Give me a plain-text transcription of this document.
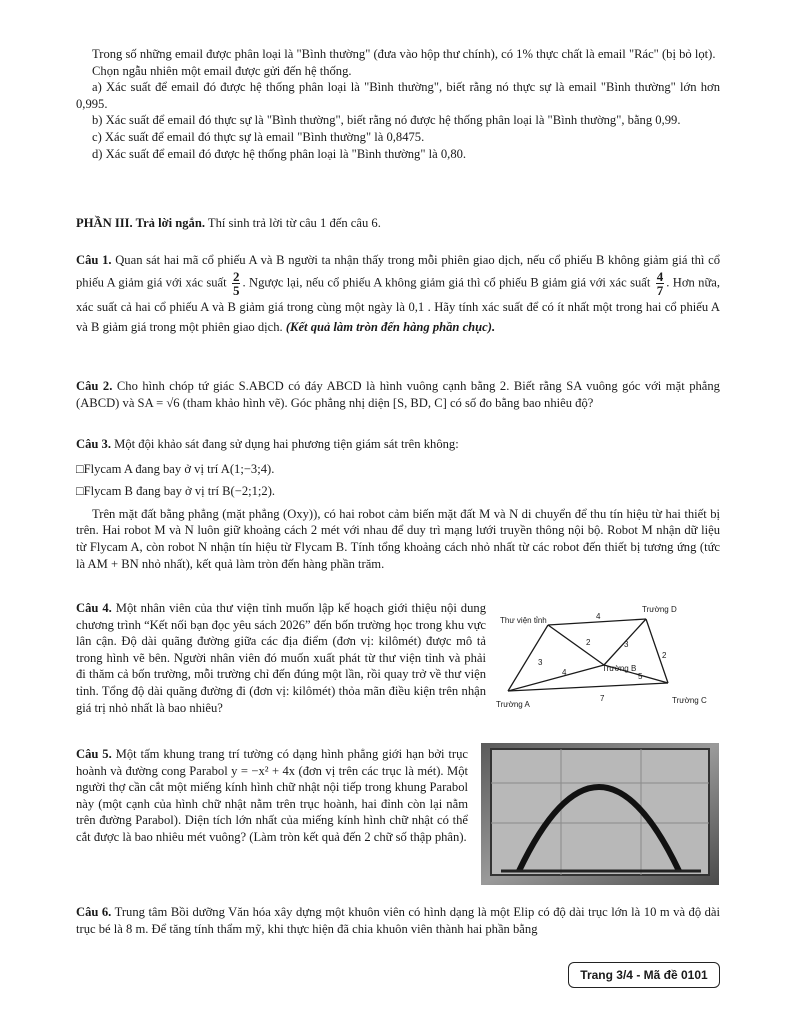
Trong số những email được phân loại là "Bình thường" (đưa vào hộp thư chính), có 1% thực chất là email "Rác" (bị bỏ lọt).

Chọn ngẫu nhiên một email được gửi đến hệ thống.

a) Xác suất để email đó được hệ thống phân loại là "Bình thường", biết rằng nó thực sự là email "Bình thường" lớn hơn 0,995.

b) Xác suất để email đó thực sự là "Bình thường", biết rằng nó được hệ thống phân loại là "Bình thường", bằng 0,99.

c) Xác suất để email đó thực sự là email "Bình thường" là 0,8475.

d) Xác suất để email đó được hệ thống phân loại là "Bình thường" là 0,80.

PHẦN III. Trả lời ngắn. Thí sinh trả lời từ câu 1 đến câu 6.

Câu 1. Quan sát hai mã cổ phiếu A và B người ta nhận thấy trong mỗi phiên giao dịch, nếu cổ phiếu B không giảm giá thì cổ phiếu A giảm giá với xác suất $\frac{2}{5}$ . Ngược lại, nếu cổ phiếu A không giảm giá thì cổ phiếu B giảm giá với xác suất $\frac{4}{7}$ . Hơn nữa, xác suất cả hai cổ phiếu A và B giảm giá trong cùng một ngày là 0,1 . Hãy tính xác suất để có ít nhất một trong hai cổ phiếu A và B giảm giá trong một phiên giao dịch. (Kết quả làm tròn đến hàng phần chục).

Câu 2. Cho hình chóp tứ giác S.ABCD có đáy ABCD là hình vuông cạnh bằng 2. Biết rằng SA vuông góc với mặt phẳng (ABCD) và SA = √6 (tham khảo hình vẽ). Góc phẳng nhị diện [S, BD, C] có số đo bằng bao nhiêu độ?

Câu 3. Một đội khảo sát đang sử dụng hai phương tiện giám sát trên không:

□Flycam A đang bay ở vị trí A(1;−3;4).

□Flycam B đang bay ở vị trí B(−2;1;2).

Trên mặt đất bằng phẳng (mặt phẳng (Oxy)), có hai robot cảm biến mặt đất M và N di chuyển để thu tín hiệu từ hai thiết bị trên. Hai robot M và N luôn giữ khoảng cách 2 mét với nhau để duy trì mạng lưới truyền thông nội bộ. Robot M nhận dữ liệu từ Flycam A, còn robot N nhận tín hiệu từ Flycam B. Tính tổng khoảng cách nhỏ nhất từ các robot đến thiết bị tương ứng (tức là AM + BN nhỏ nhất), kết quả làm tròn đến hàng phần trăm.

Câu 4. Một nhân viên của thư viện tỉnh muốn lập kế hoạch giới thiệu nội dung chương trình “Kết nối bạn đọc yêu sách 2026” đến bốn trường học trong khu vực lân cận. Độ dài quãng đường giữa các địa điểm (đơn vị: kilômét) được mô tả trong hình vẽ bên. Người nhân viên đó muốn xuất phát từ thư viện tỉnh và phải đi thăm cả bốn trường, mỗi trường chỉ đến đúng một lần, rồi quay trở về thư viện tỉnh. Tổng độ dài quãng đường đi (đơn vị: kilômét) thỏa mãn điều kiện trên nhận giá trị nhỏ nhất là bao nhiêu?

Thư viện tỉnh
Trường D
Trường B
Trường C
Trường A
4
2
3
3
2
4	5
7

Câu 5. Một tấm khung trang trí tường có dạng hình phẳng giới hạn bởi trục hoành và đường cong Parabol y = −x² + 4x (đơn vị trên các trục là mét). Một người thợ cần cắt một miếng kính hình chữ nhật nội tiếp trong khung Parabol này (một cạnh của hình chữ nhật nằm trên trục hoành, hai đỉnh còn lại nằm trên đường Parabol). Diện tích lớn nhất của miếng kính hình chữ nhật có thể cắt được là bao nhiêu mét vuông? (Làm tròn kết quả đến 2 chữ số thập phân).

Câu 6. Trung tâm Bồi dưỡng Văn hóa xây dựng một khuôn viên có hình dạng là một Elip có độ dài trục lớn là 10 m và độ dài trục bé là 8 m. Để tăng tính thẩm mỹ, khi thực hiện đã chia khuôn viên thành hai phần bằng

Trang 3/4 - Mã đề 0101
